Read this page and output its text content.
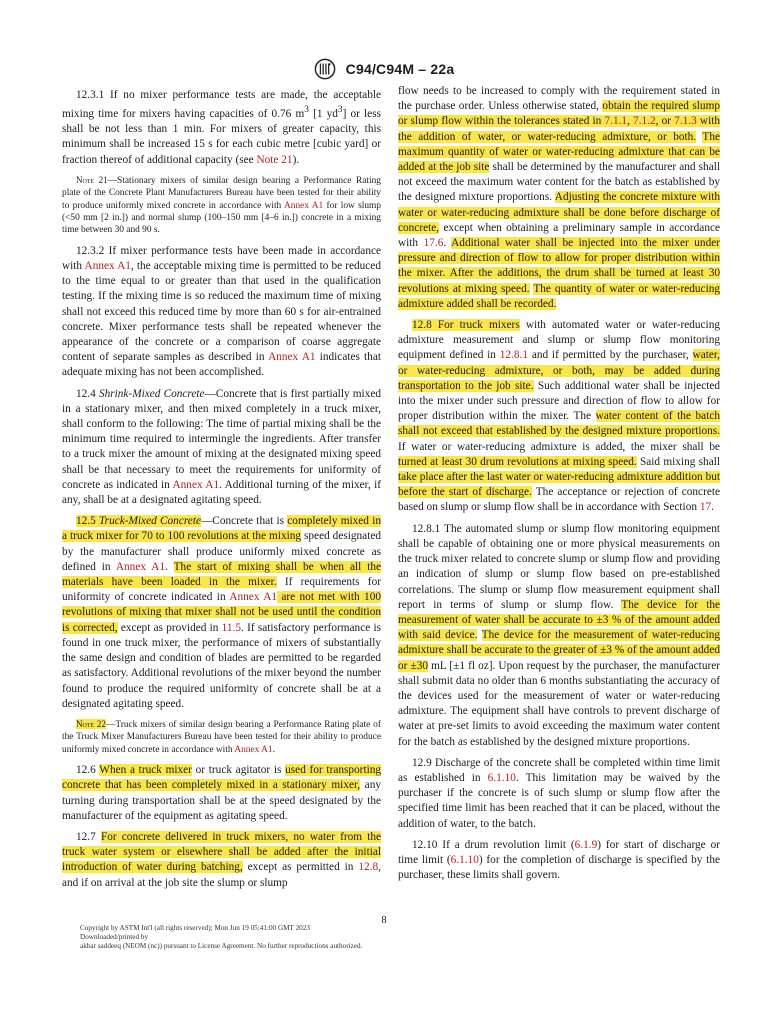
C94/C94M – 22a

12.3.1 If no mixer performance tests are made, the acceptable mixing time for mixers having capacities of 0.76 $m^3$ [1 $yd^3$] or less shall be not less than 1 min. For mixers of greater capacity, this minimum shall be increased 15 s for each cubic metre [cubic yard] or fraction thereof of additional capacity (see Note 21).

Note 21—Stationary mixers of similar design bearing a Performance Rating plate of the Concrete Plant Manufacturers Bureau have been tested for their ability to produce uniformly mixed concrete in accordance with Annex A1 for low slump (<50 mm [2 in.]) and normal slump (100–150 mm [4–6 in.]) concrete in a mixing time between 30 and 90 s.

12.3.2 If mixer performance tests have been made in accordance with Annex A1, the acceptable mixing time is permitted to be reduced to the time equal to or greater than that used in the qualification testing. If the mixing time is so reduced the maximum time of mixing shall not exceed this reduced time by more than 60 s for air-entrained concrete. Mixer performance tests shall be repeated whenever the appearance of the concrete or a comparison of coarse aggregate content of separate samples as described in Annex A1 indicates that adequate mixing has not been accomplished.

12.4 Shrink-Mixed Concrete—Concrete that is first partially mixed in a stationary mixer, and then mixed completely in a truck mixer, shall conform to the following: The time of partial mixing shall be the minimum time required to intermingle the ingredients. After transfer to a truck mixer the amount of mixing at the designated mixing speed shall be that necessary to meet the requirements for uniformity of concrete as indicated in Annex A1. Additional turning of the mixer, if any, shall be at a designated agitating speed.

12.5 Truck-Mixed Concrete—Concrete that is completely mixed in a truck mixer for 70 to 100 revolutions at the mixing speed designated by the manufacturer shall produce uniformly mixed concrete as defined in Annex A1. The start of mixing shall be when all the materials have been loaded in the mixer. If requirements for uniformity of concrete indicated in Annex A1 are not met with 100 revolutions of mixing that mixer shall not be used until the condition is corrected, except as provided in 11.5. If satisfactory performance is found in one truck mixer, the performance of mixers of substantially the same design and condition of blades are permitted to be regarded as satisfactory. Additional revolutions of the mixer beyond the number found to produce the required uniformity of concrete shall be at a designated agitating speed.

Note 22—Truck mixers of similar design bearing a Performance Rating plate of the Truck Mixer Manufacturers Bureau have been tested for their ability to produce uniformly mixed concrete in accordance with Annex A1.

12.6 When a truck mixer or truck agitator is used for transporting concrete that has been completely mixed in a stationary mixer, any turning during transportation shall be at the speed designated by the manufacturer of the equipment as agitating speed.

12.7 For concrete delivered in truck mixers, no water from the truck water system or elsewhere shall be added after the initial introduction of water during batching, except as permitted in 12.8, and if on arrival at the job site the slump or slump

flow needs to be increased to comply with the requirement stated in the purchase order. Unless otherwise stated, obtain the required slump or slump flow within the tolerances stated in 7.1.1, 7.1.2, or 7.1.3 with the addition of water, or water-reducing admixture, or both. The maximum quantity of water or water-reducing admixture that can be added at the job site shall be determined by the manufacturer and shall not exceed the maximum water content for the batch as established by the designed mixture proportions. Adjusting the concrete mixture with water or water-reducing admixture shall be done before discharge of concrete, except when obtaining a preliminary sample in accordance with 17.6. Additional water shall be injected into the mixer under pressure and direction of flow to allow for proper distribution within the mixer. After the additions, the drum shall be turned at least 30 revolutions at mixing speed. The quantity of water or water-reducing admixture added shall be recorded.

12.8 For truck mixers with automated water or water-reducing admixture measurement and slump or slump flow monitoring equipment defined in 12.8.1 and if permitted by the purchaser, water, or water-reducing admixture, or both, may be added during transportation to the job site. Such additional water shall be injected into the mixer under such pressure and direction of flow to allow for proper distribution within the mixer. The water content of the batch shall not exceed that established by the designed mixture proportions. If water or water-reducing admixture is added, the mixer shall be turned at least 30 drum revolutions at mixing speed. Said mixing shall take place after the last water or water-reducing admixture addition but before the start of discharge. The acceptance or rejection of concrete based on slump or slump flow shall be in accordance with Section 17.

12.8.1 The automated slump or slump flow monitoring equipment shall be capable of obtaining one or more physical measurements on the truck mixer related to concrete slump or slump flow and providing an indication of slump or slump flow based on pre-established correlations. The slump or slump flow measurement equipment shall report in terms of slump or slump flow. The device for the measurement of water shall be accurate to ±3 % of the amount added with said device. The device for the measurement of water-reducing admixture shall be accurate to the greater of ±3 % of the amount added or ±30 mL [±1 fl oz]. Upon request by the purchaser, the manufacturer shall submit data no older than 6 months substantiating the accuracy of the devices used for the measurement of water or water-reducing admixture. The equipment shall have controls to prevent discharge of water at pre-set limits to avoid exceeding the maximum water content for the batch as established by the designed mixture proportions.

12.9 Discharge of the concrete shall be completed within time limit as established in 6.1.10. This limitation may be waived by the purchaser if the concrete is of such slump or slump flow after the specified time limit has been reached that it can be placed, without the addition of water, to the batch.

12.10 If a drum revolution limit (6.1.9) for start of discharge or time limit (6.1.10) for the completion of discharge is specified by the purchaser, these limits shall govern.

8
Copyright by ASTM Int'l (all rights reserved); Mon Jun 19 05:41:00 GMT 2023
Downloaded/printed by
akbar saddeeq (NEOM (nc)) pursuant to License Agreement. No further reproductions authorized.
